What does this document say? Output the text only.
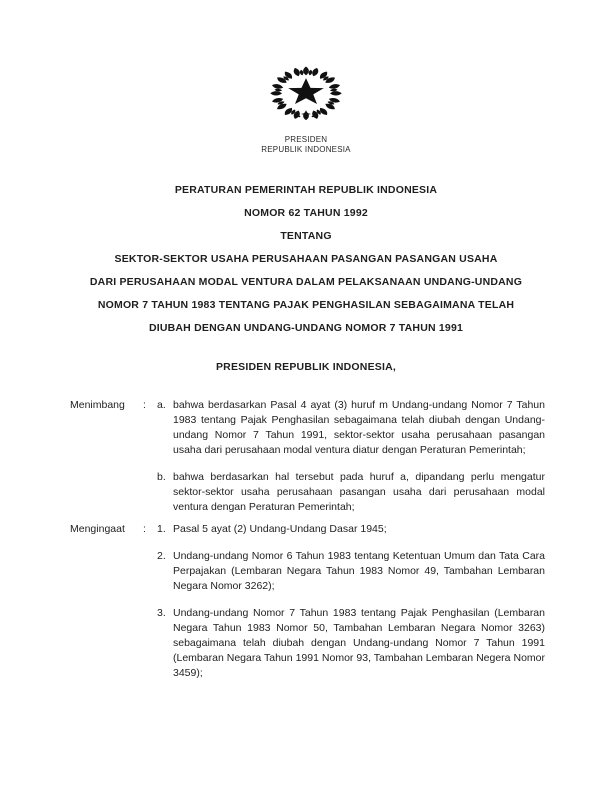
PRESIDEN
REPUBLIK INDONESIA
PERATURAN PEMERINTAH REPUBLIK INDONESIA
NOMOR 62 TAHUN 1992
TENTANG
SEKTOR-SEKTOR USAHA PERUSAHAAN PASANGAN PASANGAN USAHA
DARI PERUSAHAAN MODAL VENTURA DALAM PELAKSANAAN UNDANG-UNDANG
NOMOR 7 TAHUN 1983 TENTANG PAJAK PENGHASILAN SEBAGAIMANA TELAH
DIUBAH DENGAN UNDANG-UNDANG NOMOR 7 TAHUN 1991
PRESIDEN REPUBLIK INDONESIA,
Menimbang	:	a. bahwa berdasarkan Pasal 4 ayat (3) huruf m Undang-undang Nomor 7 Tahun 1983 tentang Pajak Penghasilan sebagaimana telah diubah dengan Undang-undang Nomor 7 Tahun 1991, sektor-sektor usaha perusahaan pasangan usaha dari perusahaan modal ventura diatur dengan Peraturan Pemerintah;

b. bahwa berdasarkan hal tersebut pada huruf a, dipandang perlu mengatur sektor-sektor usaha perusahaan pasangan usaha dari perusahaan modal ventura dengan Peraturan Pemerintah;

Mengingaat	:	1. Pasal 5 ayat (2) Undang-Undang Dasar 1945;

2. Undang-undang Nomor 6 Tahun 1983 tentang Ketentuan Umum dan Tata Cara Perpajakan (Lembaran Negara Tahun 1983 Nomor 49, Tambahan Lembaran Negara Nomor 3262);

3. Undang-undang Nomor 7 Tahun 1983 tentang Pajak Penghasilan (Lembaran Negara Tahun 1983 Nomor 50, Tambahan Lembaran Negara Nomor 3263) sebagaimana telah diubah dengan Undang-undang Nomor 7 Tahun 1991 (Lembaran Negara Tahun 1991 Nomor 93, Tambahan Lembaran Negera Nomor 3459);
